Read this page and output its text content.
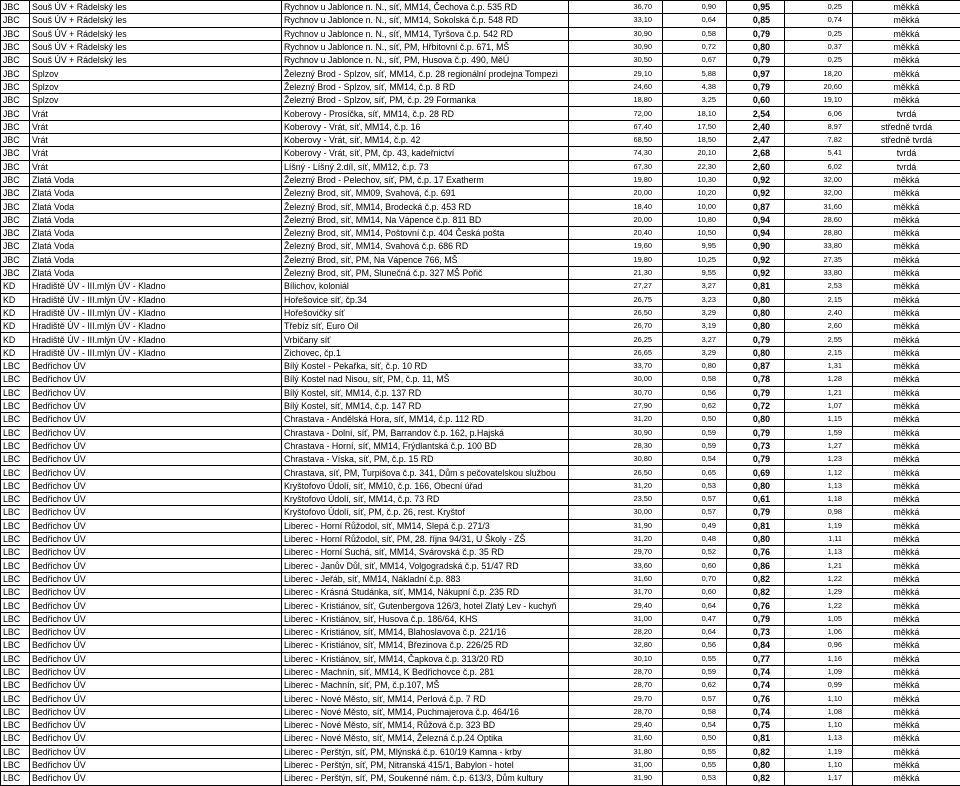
JBC	Souš ÚV + Rádelský les	Rychnov u Jablonce n. N., síť, MM14, Čechova č.p. 535 RD	36,70	0,90	0,95	0,25	měkká
JBC	Souš ÚV + Rádelský les	Rychnov u Jablonce n. N., síť, MM14, Sokolská č.p. 548 RD	33,10	0,64	0,85	0,74	měkká
JBC	Souš ÚV + Rádelský les	Rychnov u Jablonce n. N., síť, MM14, Tyršova č.p. 542 RD	30,90	0,58	0,79	0,25	měkká
JBC	Souš ÚV + Rádelský les	Rychnov u Jablonce n. N., síť, PM, Hřbitovní č.p. 671, MŠ	30,90	0,72	0,80	0,37	měkká
JBC	Souš ÚV + Rádelský les	Rychnov u Jablonce n. N., síť, PM, Husova č.p. 490, MěÚ	30,50	0,67	0,79	0,25	měkká
JBC	Splzov	Železný Brod - Splzov, síť, MM14, č.p. 28 regionální prodejna Tompezi	29,10	5,88	0,97	18,20	měkká
JBC	Splzov	Železný Brod - Splzov, síť, MM14, č.p. 8 RD	24,60	4,38	0,79	20,60	měkká
JBC	Splzov	Železný Brod - Splzov, síť, PM, č.p. 29 Formanka	18,80	3,25	0,60	19,10	měkká
JBC	Vrát	Koberovy - Prosíčka, síť, MM14, č.p. 28 RD	72,00	18,10	2,54	6,06	tvrdá
JBC	Vrát	Koberovy - Vrát, síť, MM14, č.p. 16	67,40	17,50	2,40	8,97	středně tvrdá
JBC	Vrát	Koberovy - Vrát, síť, MM14, č.p. 42	68,50	18,50	2,47	7,82	středně tvrdá
JBC	Vrát	Koberovy - Vrát, síť, PM, čp. 43, kadeřnictví	74,30	20,10	2,68	5,41	tvrdá
JBC	Vrát	Líšný - Líšný 2.díl, síť, MM12, č.p. 73	67,30	22,30	2,60	6,02	tvrdá
JBC	Zlatá Voda	Železný Brod - Pelechov, síť, PM, č.p. 17 Exatherm	19,80	10,30	0,92	32,00	měkká
JBC	Zlatá Voda	Železný Brod, síť, MM09, Svahová, č.p. 691	20,00	10,20	0,92	32,00	měkká
JBC	Zlatá Voda	Železný Brod, síť, MM14, Brodecká č.p. 453 RD	18,40	10,00	0,87	31,60	měkká
JBC	Zlatá Voda	Železný Brod, síť, MM14, Na Vápence č.p. 811 BD	20,00	10,80	0,94	28,60	měkká
JBC	Zlatá Voda	Železný Brod, síť, MM14, Poštovní č.p. 404 Česká pošta	20,40	10,50	0,94	28,80	měkká
JBC	Zlatá Voda	Železný Brod, síť, MM14, Svahová č.p. 686 RD	19,60	9,95	0,90	33,80	měkká
JBC	Zlatá Voda	Železný Brod, síť, PM, Na Vápence 766, MŠ	19,80	10,25	0,92	27,35	měkká
JBC	Zlatá Voda	Železný Brod, síť, PM, Slunečná č.p. 327 MŠ Pořič	21,30	9,55	0,92	33,80	měkká
KD	Hradiště ÚV - III.mlýn ÚV - Kladno	Bílichov, koloniál	27,27	3,27	0,81	2,53	měkká
KD	Hradiště ÚV - III.mlýn ÚV - Kladno	Hořešovice síť, čp.34	26,75	3,23	0,80	2,15	měkká
KD	Hradiště ÚV - III.mlýn ÚV - Kladno	Hořešovičky síť	26,50	3,29	0,80	2,40	měkká
KD	Hradiště ÚV - III.mlýn ÚV - Kladno	Třebíz síť, Euro Oil	26,70	3,19	0,80	2,60	měkká
KD	Hradiště ÚV - III.mlýn ÚV - Kladno	Vrbičany síť	26,25	3,27	0,79	2,55	měkká
KD	Hradiště ÚV - III.mlýn ÚV - Kladno	Zichovec, čp.1	26,65	3,29	0,80	2,15	měkká
LBC	Bedřichov ÚV	Bílý Kostel - Pekařka, síť, č.p. 10 RD	33,70	0,80	0,87	1,31	měkká
LBC	Bedřichov ÚV	Bílý Kostel nad Nisou, síť, PM, č.p. 11, MŠ	30,00	0,58	0,78	1,28	měkká
LBC	Bedřichov ÚV	Bílý Kostel, síť, MM14, č.p. 137 RD	30,70	0,56	0,79	1,21	měkká
LBC	Bedřichov ÚV	Bílý Kostel, síť, MM14, č.p. 147 RD	27,90	0,62	0,72	1,07	měkká
LBC	Bedřichov ÚV	Chrastava - Andělská Hora, síť, MM14, č.p. 112 RD	31,20	0,50	0,80	1,15	měkká
LBC	Bedřichov ÚV	Chrastava - Dolní, síť, PM, Barrandov č.p. 162, p.Hajská	30,90	0,59	0,79	1,59	měkká
LBC	Bedřichov ÚV	Chrastava - Horní, síť, MM14, Frýdlantská č.p. 100 BD	28,30	0,59	0,73	1,27	měkká
LBC	Bedřichov ÚV	Chrastava - Víska, síť, PM, č.p. 15 RD	30,80	0,54	0,79	1,23	měkká
LBC	Bedřichov ÚV	Chrastava, síť, PM, Turpišova č.p. 341, Dům s pečovatelskou službou	26,50	0,65	0,69	1,12	měkká
LBC	Bedřichov ÚV	Kryštofovo Údolí, síť, MM10, č.p. 166, Obecní úřad	31,20	0,53	0,80	1,13	měkká
LBC	Bedřichov ÚV	Kryštofovo Údolí, síť, MM14, č.p. 73 RD	23,50	0,57	0,61	1,18	měkká
LBC	Bedřichov ÚV	Kryštofovo Údolí, síť, PM, č.p. 26, rest. Kryštof	30,00	0,57	0,79	0,98	měkká
LBC	Bedřichov ÚV	Liberec - Horní Růžodol, síť, MM14, Slepá č.p. 271/3	31,90	0,49	0,81	1,19	měkká
LBC	Bedřichov ÚV	Liberec - Horní Růžodol, síť, PM, 28. října 94/31, U Školy - ZŠ	31,20	0,48	0,80	1,11	měkká
LBC	Bedřichov ÚV	Liberec - Horní Suchá, síť, MM14, Svárovská č.p. 35 RD	29,70	0,52	0,76	1,13	měkká
LBC	Bedřichov ÚV	Liberec - Janův Důl, síť, MM14, Volgogradská č.p. 51/47 RD	33,60	0,60	0,86	1,21	měkká
LBC	Bedřichov ÚV	Liberec - Jeřáb, síť, MM14, Nákladní č.p. 883	31,60	0,70	0,82	1,22	měkká
LBC	Bedřichov ÚV	Liberec - Krásná Studánka, síť, MM14, Nákupní č.p. 235 RD	31,70	0,60	0,82	1,29	měkká
LBC	Bedřichov ÚV	Liberec - Kristiánov, síť, Gutenbergova 126/3, hotel Zlatý Lev - kuchyň	29,40	0,64	0,76	1,22	měkká
LBC	Bedřichov ÚV	Liberec - Kristiánov, síť, Husova č.p. 186/64, KHS	31,00	0,47	0,79	1,05	měkká
LBC	Bedřichov ÚV	Liberec - Kristiánov, síť, MM14, Blahoslavova č.p. 221/16	28,20	0,64	0,73	1,06	měkká
LBC	Bedřichov ÚV	Liberec - Kristiánov, síť, MM14, Březinova č.p. 226/25 RD	32,80	0,56	0,84	0,96	měkká
LBC	Bedřichov ÚV	Liberec - Kristiánov, síť, MM14, Čapkova č.p. 313/20 RD	30,10	0,55	0,77	1,16	měkká
LBC	Bedřichov ÚV	Liberec - Machnín, síť, MM14, K Bedřichovce č.p. 281	28,70	0,59	0,74	1,09	měkká
LBC	Bedřichov ÚV	Liberec - Machnín, síť, PM, č.p.107, MŠ	28,70	0,62	0,74	0,99	měkká
LBC	Bedřichov ÚV	Liberec - Nové Město, síť, MM14, Perlová č.p. 7 RD	29,70	0,57	0,76	1,10	měkká
LBC	Bedřichov ÚV	Liberec - Nové Město, síť, MM14, Puchmajerova č.p. 464/16	28,70	0,58	0,74	1,08	měkká
LBC	Bedřichov ÚV	Liberec - Nové Město, síť, MM14, Růžová č.p. 323 BD	29,40	0,54	0,75	1,10	měkká
LBC	Bedřichov ÚV	Liberec - Nové Město, síť, MM14, Železná č.p.24 Optika	31,60	0,50	0,81	1,13	měkká
LBC	Bedřichov ÚV	Liberec - Perštýn, síť, PM, Mlýnská č.p. 610/19 Kamna - krby	31,80	0,55	0,82	1,19	měkká
LBC	Bedřichov ÚV	Liberec - Perštýn, síť, PM, Nitranská 415/1, Babylon - hotel	31,00	0,55	0,80	1,10	měkká
LBC	Bedřichov ÚV	Liberec - Perštýn, síť, PM, Soukenné nám. č.p. 613/3, Dům kultury	31,90	0,53	0,82	1,17	měkká
